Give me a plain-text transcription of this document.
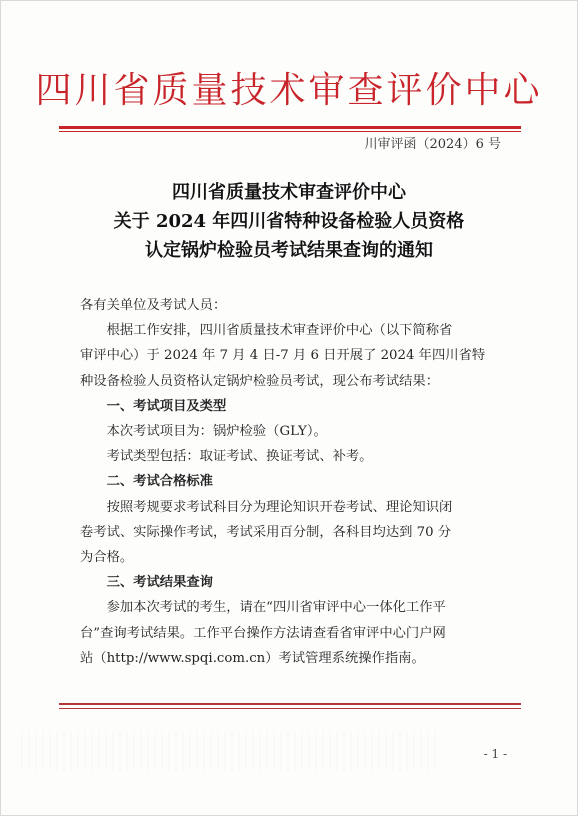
四川省质量技术审查评价中心
川审评函（2024）6 号
四川省质量技术审查评价中心
关于 2024 年四川省特种设备检验人员资格
认定锅炉检验员考试结果查询的通知

各有关单位及考试人员：

根据工作安排，四川省质量技术审查评价中心（以下简称省
审评中心）于 2024 年 7 月 4 日-7 月 6 日开展了 2024 年四川省特
种设备检验人员资格认定锅炉检验员考试，现公布考试结果：

一、考试项目及类型

本次考试项目为：锅炉检验（GLY）。

考试类型包括：取证考试、换证考试、补考。

二、考试合格标准

按照考规要求考试科目分为理论知识开卷考试、理论知识闭
卷考试、实际操作考试，考试采用百分制，各科目均达到 70 分
为合格。

三、考试结果查询

参加本次考试的考生，请在“四川省审评中心一体化工作平
台”查询考试结果。工作平台操作方法请查看省审评中心门户网
站（http://www.spqi.com.cn）考试管理系统操作指南。

- 1 -
